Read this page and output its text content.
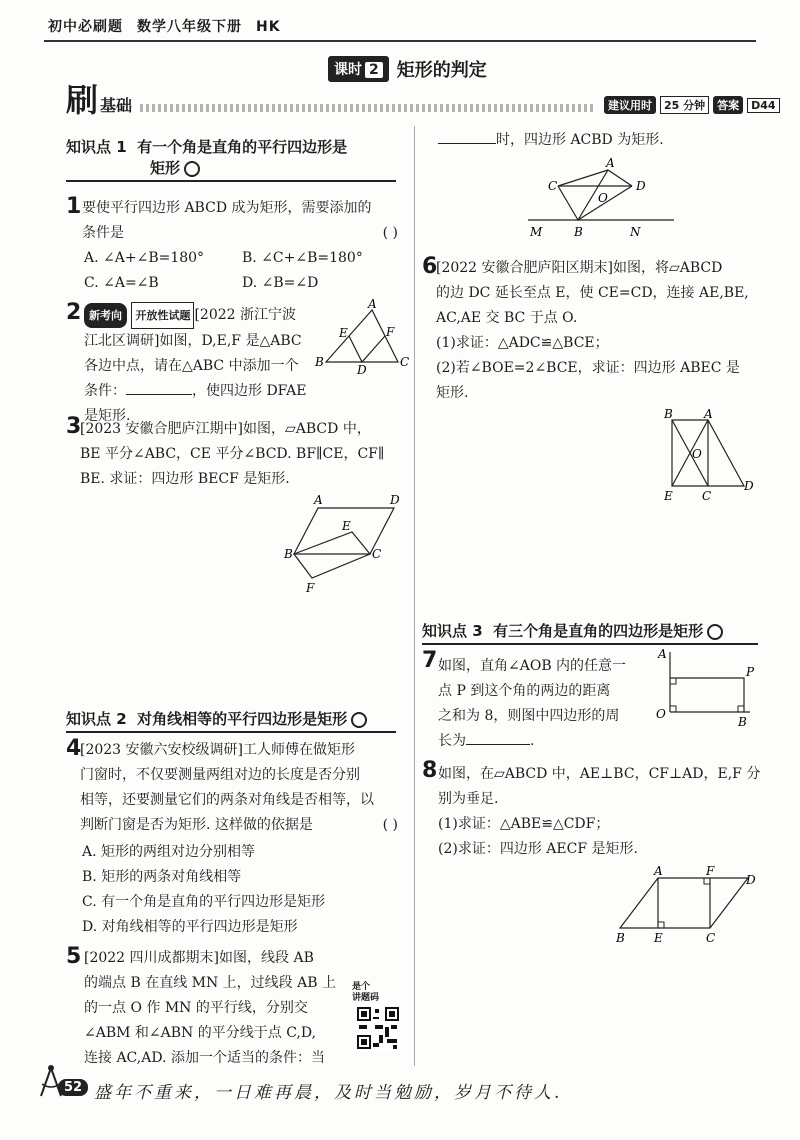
初中必刷题 数学八年级下册 HK
课时 2	矩形的判定
刷 基础	建议用时	25 分钟	答案	D44
知识点 1 有一个角是直角的平行四边形是
矩形
1 要使平行四边形 ABCD 成为矩形，需要添加的
条件是	( )
A. ∠A+∠B=180°	B. ∠C+∠B=180°
C. ∠A=∠B	D. ∠B=∠D
2 新考向 开放性试题 [2022 浙江宁波
江北区调研]如图，D,E,F 是△ABC
各边中点，请在△ABC 中添加一个
条件：	，使四边形 DFAE 是矩形.
A
E	F
B
D
C
3
[2023 安徽合肥庐江期中]如图，▱ABCD 中，
BE 平分∠ABC，CE 平分∠BCD. BF∥CE，CF∥
BE. 求证：四边形 BECF 是矩形.
A	D
E
B	C
F
知识点 2 对角线相等的平行四边形是矩形
4
[2023 安徽六安校级调研]工人师傅在做矩形
门窗时，不仅要测量两组对边的长度是否分别
相等，还要测量它们的两条对角线是否相等，以
判断门窗是否为矩形. 这样做的依据是	( )
A. 矩形的两组对边分别相等
B. 矩形的两条对角线相等
C. 有一个角是直角的平行四边形是矩形
D. 对角线相等的平行四边形是矩形
5 [2022 四川成都期末]如图，线段 AB
的端点 B 在直线 MN 上，过线段 AB 上
的一点 O 作 MN 的平行线，分别交
∠ABM 和∠ABN 的平分线于点 C,D,
连接 AC,AD. 添加一个适当的条件：当
是个
讲题码
时，四边形 ACBD 为矩形.
A
C	D
O
M	B	N
6
[2022 安徽合肥庐阳区期末]如图，将▱ABCD
的边 DC 延长至点 E，使 CE=CD，连接 AE,BE,
AC,AE 交 BC 于点 O.
(1)求证：△ADC≌△BCE；
(2)若∠BOE=2∠BCE，求证：四边形 ABEC 是
矩形.
B	A
O
E C
D
知识点 3 有三个角是直角的四边形是矩形
7 如图，直角∠AOB 内的任意一
点 P 到这个角的两边的距离
之和为 8，则图中四边形的周
长为	.
A
P
O
B
8 如图，在▱ABCD 中，AE⊥BC，CF⊥AD，E,F 分
别为垂足.
(1)求证：△ABE≌△CDF；
(2)求证：四边形 AECF 是矩形.
A	F
D
B E	C
52 盛年不重来，一日难再晨，及时当勉励，岁月不待人.
